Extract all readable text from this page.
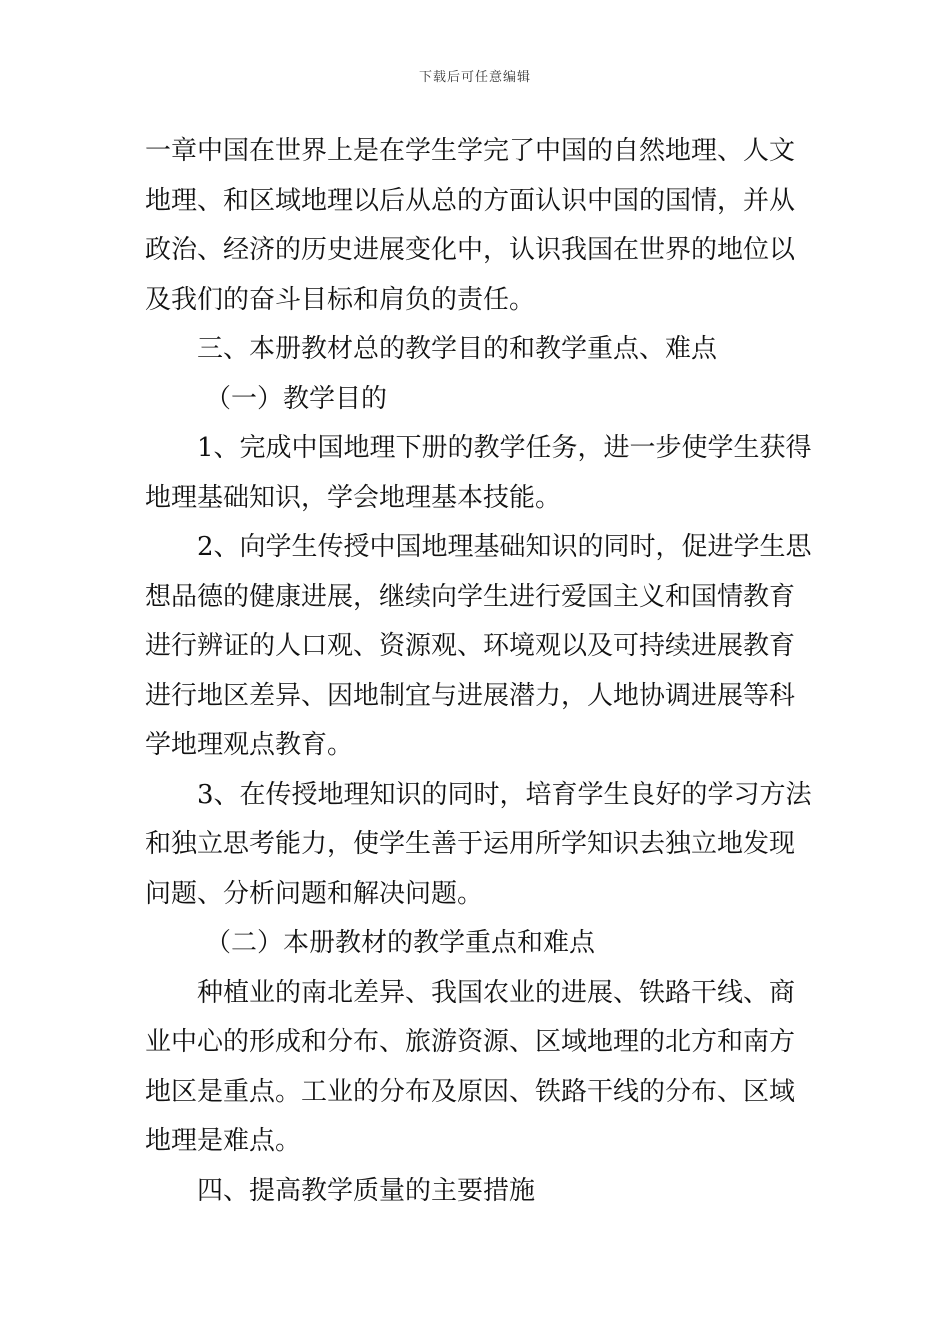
下载后可任意编辑
一章中国在世界上是在学生学完了中国的自然地理、人文
地理、和区域地理以后从总的方面认识中国的国情，并从
政治、经济的历史进展变化中，认识我国在世界的地位以
及我们的奋斗目标和肩负的责任。
三、本册教材总的教学目的和教学重点、难点
（一）教学目的
1、完成中国地理下册的教学任务，进一步使学生获得
地理基础知识，学会地理基本技能。
2、向学生传授中国地理基础知识的同时，促进学生思
想品德的健康进展，继续向学生进行爱国主义和国情教育
进行辨证的人口观、资源观、环境观以及可持续进展教育
进行地区差异、因地制宜与进展潜力，人地协调进展等科
学地理观点教育。
3、在传授地理知识的同时，培育学生良好的学习方法
和独立思考能力，使学生善于运用所学知识去独立地发现
问题、分析问题和解决问题。
（二）本册教材的教学重点和难点
种植业的南北差异、我国农业的进展、铁路干线、商
业中心的形成和分布、旅游资源、区域地理的北方和南方
地区是重点。工业的分布及原因、铁路干线的分布、区域
地理是难点。
四、提高教学质量的主要措施
